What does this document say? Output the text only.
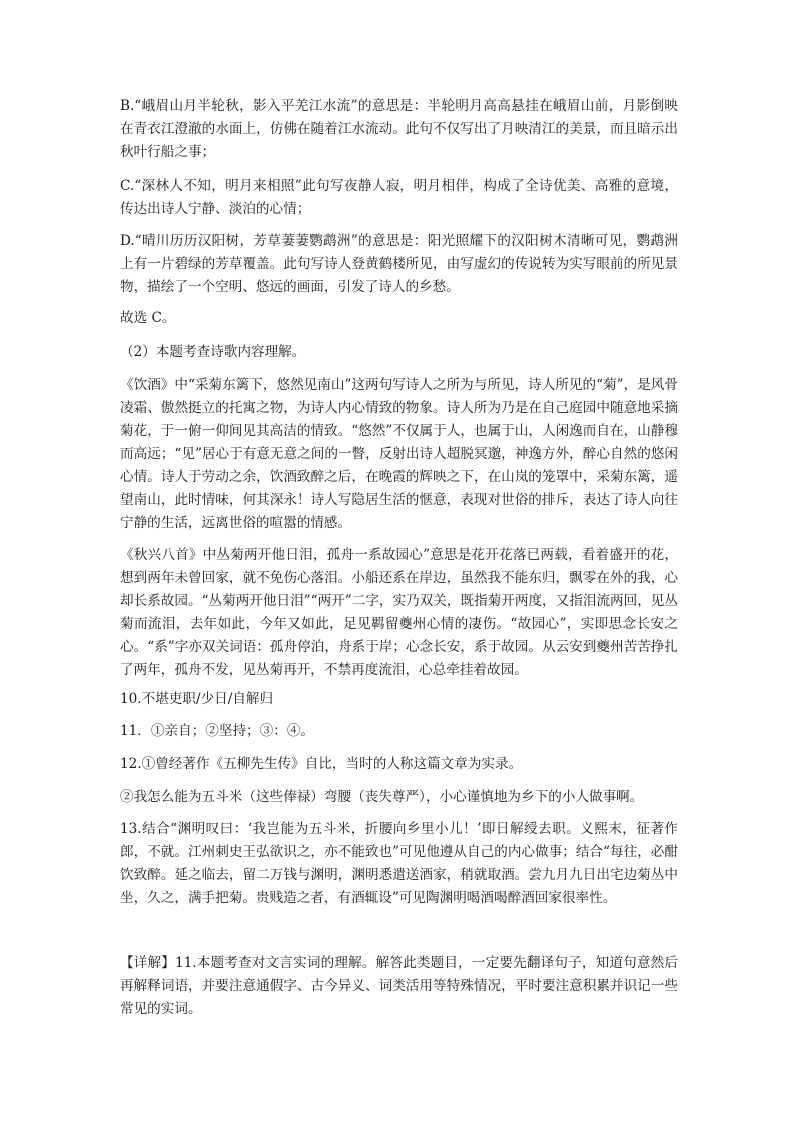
B.“峨眉山月半轮秋，影入平羌江水流”的意思是：半轮明月高高悬挂在峨眉山前，月影倒映在青衣江澄澈的水面上，仿佛在随着江水流动。此句不仅写出了月映清江的美景，而且暗示出秋叶行船之事；

C.“深林人不知，明月来相照”此句写夜静人寂，明月相伴，构成了全诗优美、高雅的意境，传达出诗人宁静、淡泊的心情；

D.“晴川历历汉阳树，芳草萋萋鹦鹉洲”的意思是：阳光照耀下的汉阳树木清晰可见，鹦鹉洲上有一片碧绿的芳草覆盖。此句写诗人登黄鹤楼所见，由写虚幻的传说转为实写眼前的所见景物，描绘了一个空明、悠远的画面，引发了诗人的乡愁。

故选 C。

（2）本题考查诗歌内容理解。

《饮酒》中“采菊东篱下，悠然见南山”这两句写诗人之所为与所见，诗人所见的“菊”，是风骨凌霜、傲然挺立的托寓之物，为诗人内心情致的物象。诗人所为乃是在自己庭园中随意地采摘菊花，于一俯一仰间见其高洁的情致。“悠然”不仅属于人，也属于山，人闲逸而自在，山静穆而高远；“见”居心于有意无意之间的一瞥，反射出诗人超脱冥邈，神逸方外，醉心自然的悠闲心情。诗人于劳动之余，饮酒致醉之后，在晚霞的辉映之下，在山岚的笼罩中，采菊东篱，遥望南山，此时情味，何其深永！诗人写隐居生活的惬意，表现对世俗的排斥，表达了诗人向往宁静的生活，远离世俗的喧嚣的情感。

《秋兴八首》中丛菊两开他日泪，孤舟一系故园心”意思是花开花落已两载，看着盛开的花，想到两年未曾回家，就不免伤心落泪。小船还系在岸边，虽然我不能东归，飘零在外的我，心却长系故园。“丛菊两开他日泪”“两开”二字，实乃双关，既指菊开两度，又指泪流两回，见丛菊而流泪，去年如此，今年又如此，足见羁留夔州心情的凄伤。“故园心”，实即思念长安之心。“系”字亦双关词语：孤舟停泊，舟系于岸；心念长安，系于故园。从云安到夔州苦苦挣扎了两年，孤舟不发，见丛菊再开，不禁再度流泪，心总牵挂着故园。

10.不堪吏职/少日/自解归

11．①亲自；②坚持；③：④。

12.①曾经著作《五柳先生传》自比，当时的人称这篇文章为实录。

②我怎么能为五斗米（这些俸禄）弯腰（丧失尊严），小心谨慎地为乡下的小人做事啊。

13.结合“渊明叹曰：‘我岂能为五斗米，折腰向乡里小儿！’即日解绶去职。义熙末，征著作郎，不就。江州刺史王弘欲识之，亦不能致也”可见他遵从自己的内心做事；结合“每往，必酣饮致醉。延之临去，留二万钱与渊明，渊明悉遣送酒家，稍就取酒。尝九月九日出宅边菊丛中坐，久之，满手把菊。贵贱造之者，有酒辄设”可见陶渊明喝酒喝醉酒回家很率性。

【详解】11.本题考查对文言实词的理解。解答此类题目，一定要先翻译句子，知道句意然后再解释词语，并要注意通假字、古今异义、词类活用等特殊情况，平时要注意积累并识记一些常见的实词。
